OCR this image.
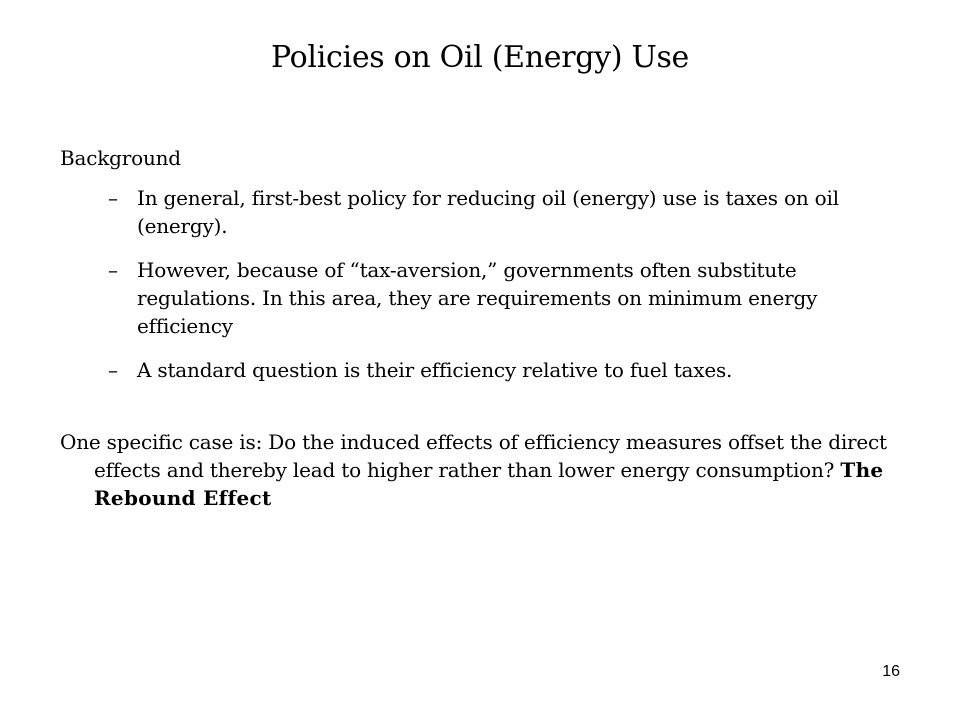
Policies on Oil (Energy) Use
Background
– In general, first-best policy for reducing oil (energy) use is taxes on oil (energy).
– However, because of “tax-aversion,” governments often substitute regulations. In this area, they are requirements on minimum energy efficiency
– A standard question is their efficiency relative to fuel taxes.
One specific case is: Do the induced effects of efficiency measures offset the direct effects and thereby lead to higher rather than lower energy consumption? The Rebound Effect
16
